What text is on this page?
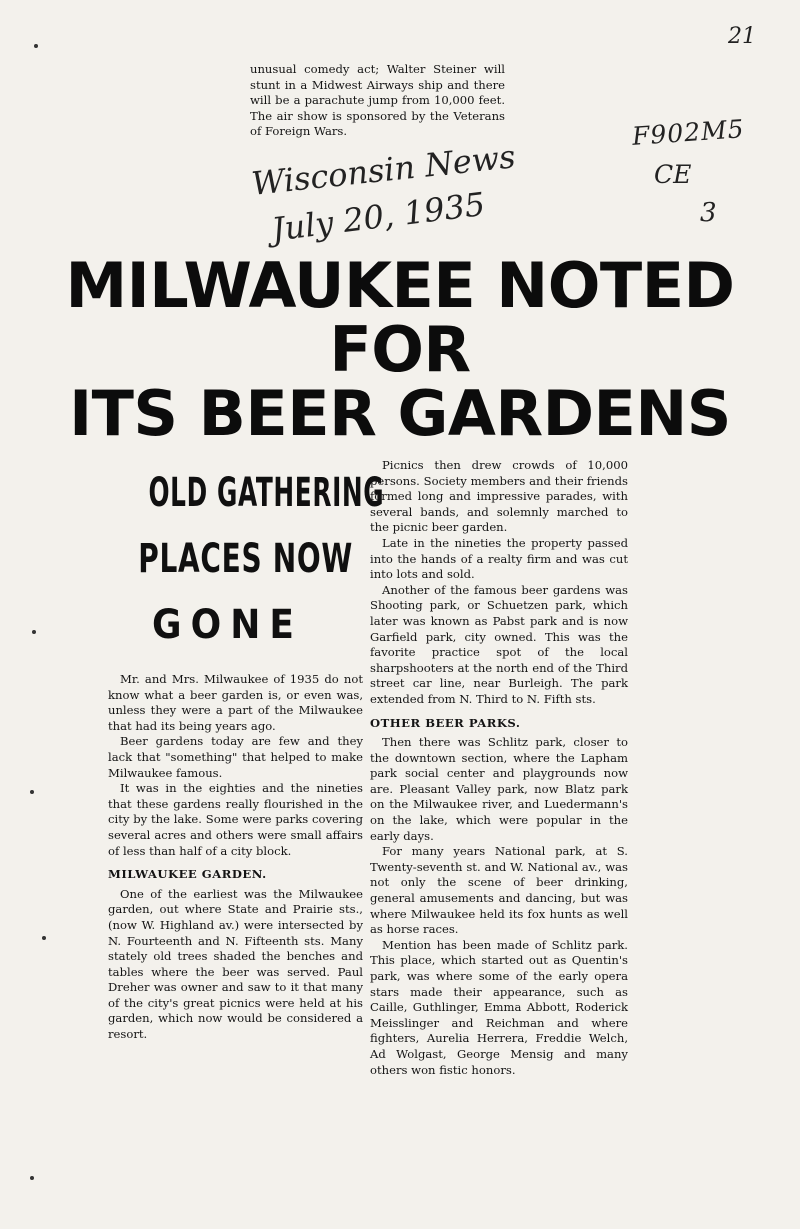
21
F902M5
CE
3
unusual comedy act; Walter Steiner will stunt in a Midwest Airways ship and there will be a parachute jump from 10,000 feet. The air show is sponsored by the Veterans of Foreign Wars.
Wisconsin News
July 20, 1935
MILWAUKEE NOTED
FOR
ITS BEER GARDENS
OLD GATHERING
PLACES NOW
GONE

Mr. and Mrs. Milwaukee of 1935 do not know what a beer garden is, or even was, unless they were a part of the Milwaukee that had its being years ago.

Beer gardens today are few and they lack that "something" that helped to make Milwaukee famous.

It was in the eighties and the nineties that these gardens really flourished in the city by the lake. Some were parks covering several acres and others were small affairs of less than half of a city block.

MILWAUKEE GARDEN.

One of the earliest was the Milwaukee garden, out where State and Prairie sts., (now W. Highland av.) were intersected by N. Fourteenth and N. Fifteenth sts. Many stately old trees shaded the benches and tables where the beer was served. Paul Dreher was owner and saw to it that many of the city's great picnics were held at his garden, which now would be considered a resort.

Picnics then drew crowds of 10,000 persons. Society members and their friends formed long and impressive parades, with several bands, and solemnly marched to the picnic beer garden.

Late in the nineties the property passed into the hands of a realty firm and was cut into lots and sold.

Another of the famous beer gardens was Shooting park, or Schuetzen park, which later was known as Pabst park and is now Garfield park, city owned. This was the favorite practice spot of the local sharpshooters at the north end of the Third street car line, near Burleigh. The park extended from N. Third to N. Fifth sts.

OTHER BEER PARKS.

Then there was Schlitz park, closer to the downtown section, where the Lapham park social center and playgrounds now are. Pleasant Valley park, now Blatz park on the Milwaukee river, and Luedermann's on the lake, which were popular in the early days.

For many years National park, at S. Twenty-seventh st. and W. National av., was not only the scene of beer drinking, general amusements and dancing, but was where Milwaukee held its fox hunts as well as horse races.

Mention has been made of Schlitz park. This place, which started out as Quentin's park, was where some of the early opera stars made their appearance, such as Caille, Guthlinger, Emma Abbott, Roderick Meisslinger and Reichman and where fighters, Aurelia Herrera, Freddie Welch, Ad Wolgast, George Mensig and many others won fistic honors.
